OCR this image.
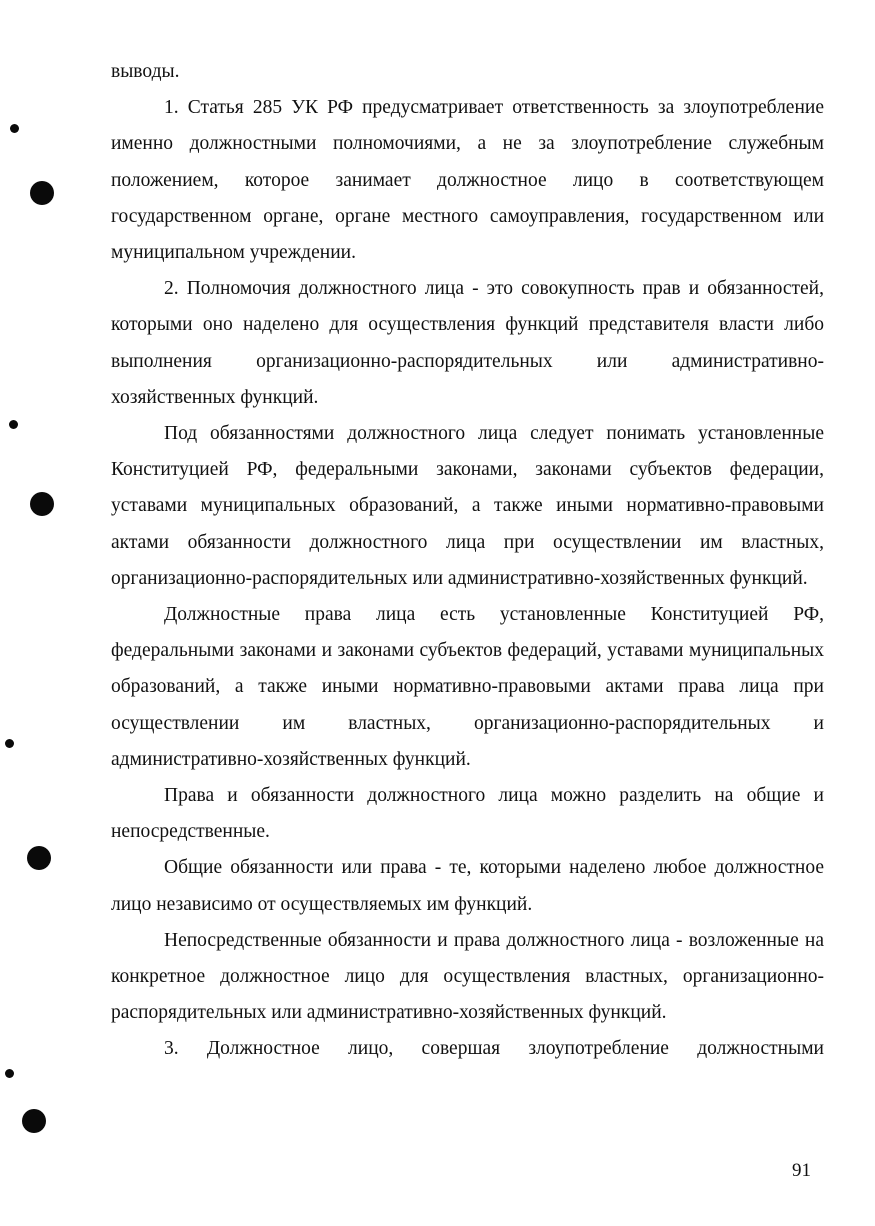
выводы.

1. Статья 285 УК РФ предусматривает ответственность за злоупотребление именно должностными полномочиями, а не за злоупотребление служебным положением, которое занимает должностное лицо в соответствующем государственном органе, органе местного самоуправления, государственном или муниципальном учреждении.

2. Полномочия должностного лица - это совокупность прав и обязанностей, которыми оно наделено для осуществления функций представителя власти либо выполнения организационно-распорядительных или административно-хозяйственных функций.

Под обязанностями должностного лица следует понимать установленные Конституцией РФ, федеральными законами, законами субъектов федерации, уставами муниципальных образований, а также иными нормативно-правовыми актами обязанности должностного лица при осуществлении им властных, организационно-распорядительных или административно-хозяйственных функций.

Должностные права лица есть установленные Конституцией РФ, федеральными законами и законами субъектов федераций, уставами муниципальных образований, а также иными нормативно-правовыми актами права лица при осуществлении им властных, организационно-распорядительных и административно-хозяйственных функций.

Права и обязанности должностного лица можно разделить на общие и непосредственные.

Общие обязанности или права - те, которыми наделено любое должностное лицо независимо от осуществляемых им функций.

Непосредственные обязанности и права должностного лица - возложенные на конкретное должностное лицо для осуществления властных, организационно-распорядительных или административно-хозяйственных функций.

3. Должностное лицо, совершая злоупотребление должностными

91
